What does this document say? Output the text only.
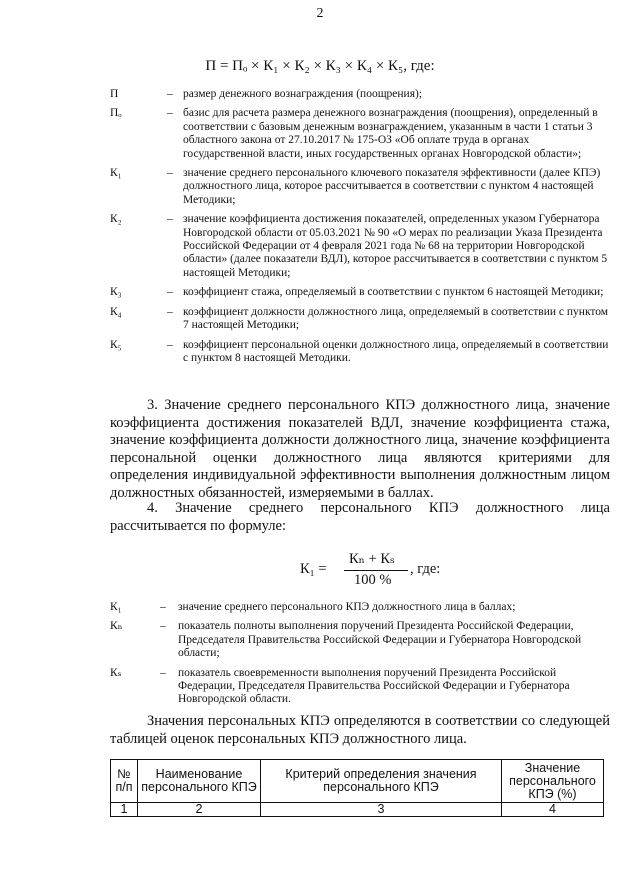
2
П = Пₒ × К₁ × К₂ × К₃ × К₄ × К₅, где:
П	– размер денежного вознаграждения (поощрения);
Пₒ	– базис для расчета размера денежного вознаграждения (поощрения), определенный в соответствии с базовым денежным вознаграждением, указанным в части 1 статьи 3 областного закона от 27.10.2017 № 175-ОЗ «Об оплате труда в органах государственной власти, иных государственных органах Новгородской области»;
К₁	– значение среднего персонального ключевого показателя эффективности (далее КПЭ) должностного лица, которое рассчитывается в соответствии с пунктом 4 настоящей Методики;
К₂	– значение коэффициента достижения показателей, определенных указом Губернатора Новгородской области от 05.03.2021 № 90 «О мерах по реализации Указа Президента Российской Федерации от 4 февраля 2021 года № 68 на территории Новгородской области» (далее показатели ВДЛ), которое рассчитывается в соответствии с пунктом 5 настоящей Методики;
К₃	– коэффициент стажа, определяемый в соответствии с пунктом 6 настоящей Методики;
К₄	– коэффициент должности должностного лица, определяемый в соответствии с пунктом 7 настоящей Методики;
К₅	– коэффициент персональной оценки должностного лица, определяемый в соответствии с пунктом 8 настоящей Методики.

3. Значение среднего персонального КПЭ должностного лица, значение коэффициента достижения показателей ВДЛ, значение коэффициента стажа, значение коэффициента должности должностного лица, значение коэффициента персональной оценки должностного лица являются критериями для определения индивидуальной эффективности выполнения должностным лицом должностных обязанностей, измеряемыми в баллах.

4. Значение среднего персонального КПЭ должностного лица рассчитывается по формуле:

К₁ =
Кₙ + Кₛ
100 %
, где:
К₁	–	значение среднего персонального КПЭ должностного лица в баллах;
Кₙ	–	показатель полноты выполнения поручений Президента Российской Федерации, Председателя Правительства Российской Федерации и Губернатора Новгородской области;
Кₛ	–	показатель своевременности выполнения поручений Президента Российской Федерации, Председателя Правительства Российской Федерации и Губернатора Новгородской области.

Значения персональных КПЭ определяются в соответствии со следующей таблицей оценок персональных КПЭ должностного лица.

№ п/п	Наименование персонального КПЭ	Критерий определения значения персонального КПЭ	Значение персонального КПЭ (%)
1	2	3	4
